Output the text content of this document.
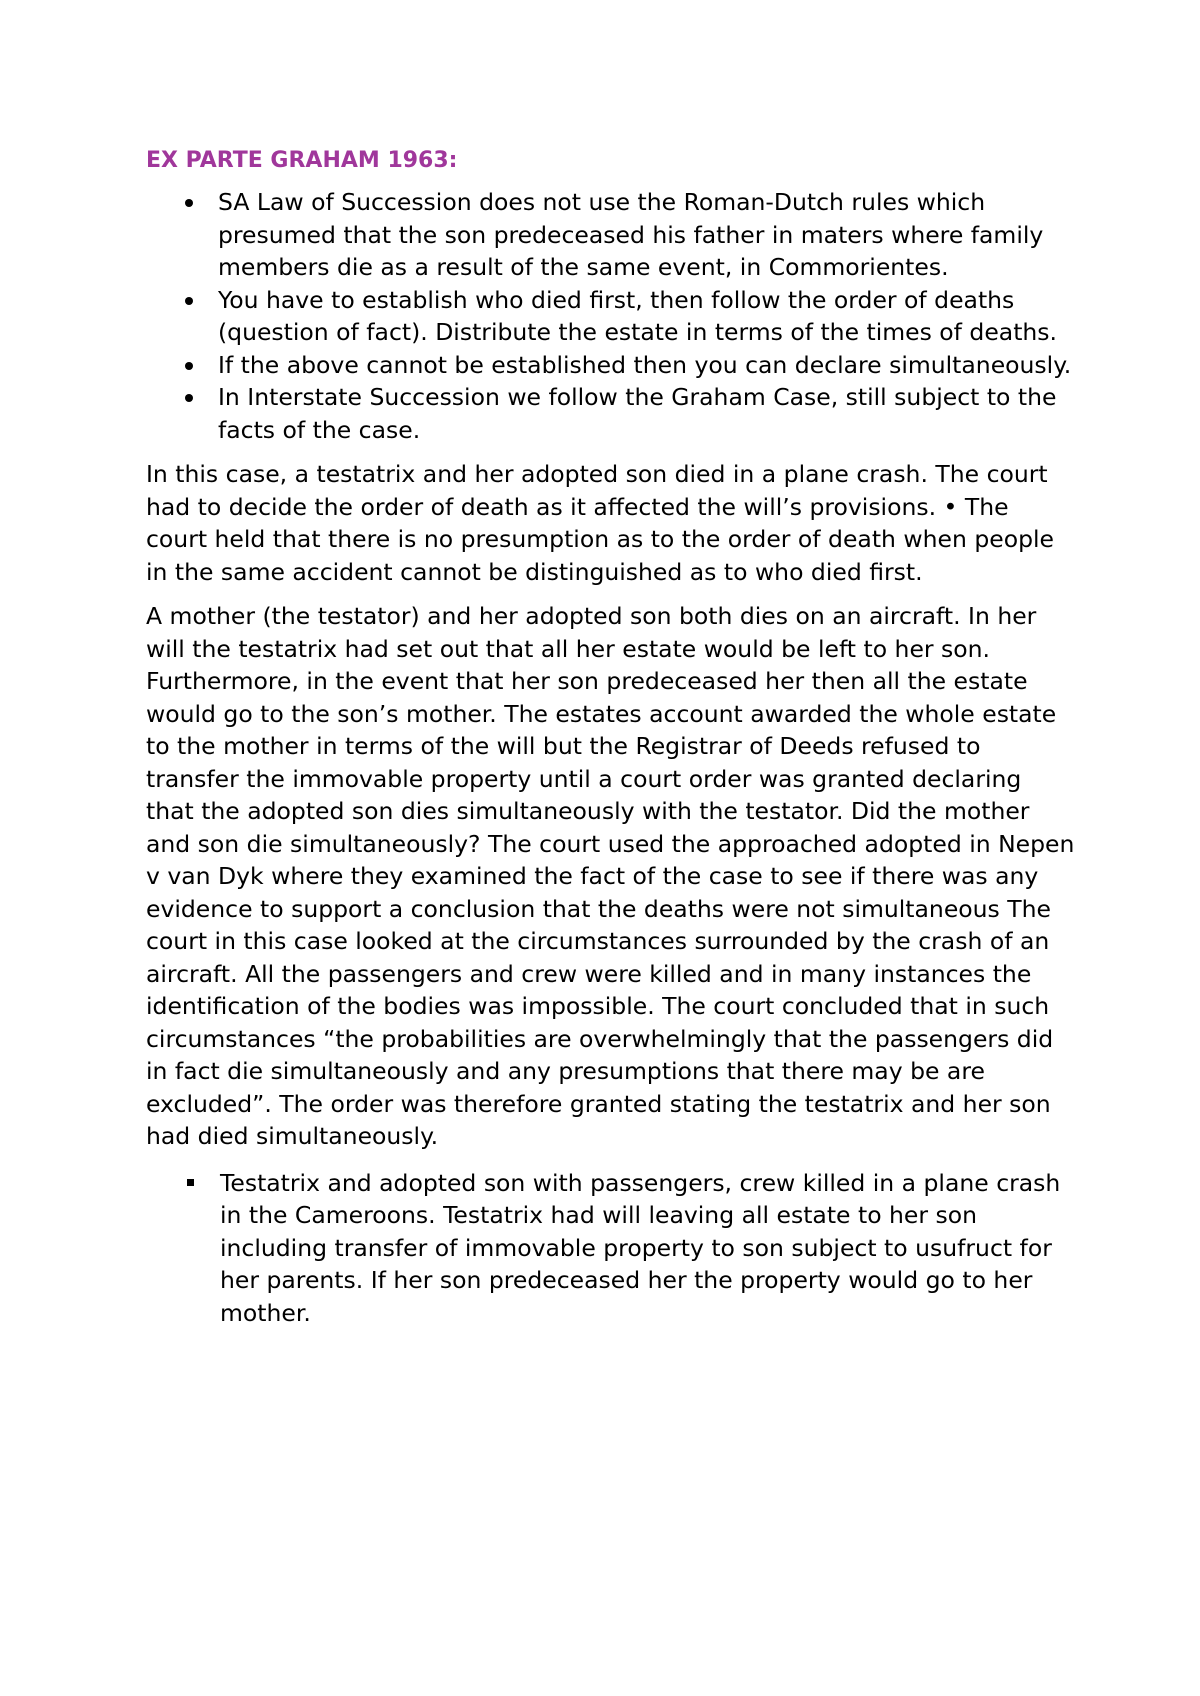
EX PARTE GRAHAM 1963:
SA Law of Succession does not use the Roman-Dutch rules which presumed that the son predeceased his father in maters where family members die as a result of the same event, in Commorientes.
You have to establish who died first, then follow the order of deaths (question of fact). Distribute the estate in terms of the times of deaths.
If the above cannot be established then you can declare simultaneously.
In Interstate Succession we follow the Graham Case, still subject to the facts of the case.

In this case, a testatrix and her adopted son died in a plane crash. The court had to decide the order of death as it affected the will’s provisions. • The court held that there is no presumption as to the order of death when people in the same accident cannot be distinguished as to who died first.

A mother (the testator) and her adopted son both dies on an aircraft. In her will the testatrix had set out that all her estate would be left to her son. Furthermore, in the event that her son predeceased her then all the estate would go to the son’s mother. The estates account awarded the whole estate to the mother in terms of the will but the Registrar of Deeds refused to transfer the immovable property until a court order was granted declaring that the adopted son dies simultaneously with the testator. Did the mother and son die simultaneously? The court used the approached adopted in Nepen v van Dyk where they examined the fact of the case to see if there was any evidence to support a conclusion that the deaths were not simultaneous The court in this case looked at the circumstances surrounded by the crash of an aircraft. All the passengers and crew were killed and in many instances the identification of the bodies was impossible. The court concluded that in such circumstances “the probabilities are overwhelmingly that the passengers did in fact die simultaneously and any presumptions that there may be are excluded”. The order was therefore granted stating the testatrix and her son had died simultaneously.

Testatrix and adopted son with passengers, crew killed in a plane crash in the Cameroons. Testatrix had will leaving all estate to her son including transfer of immovable property to son subject to usufruct for her parents. If her son predeceased her the property would go to her mother.
